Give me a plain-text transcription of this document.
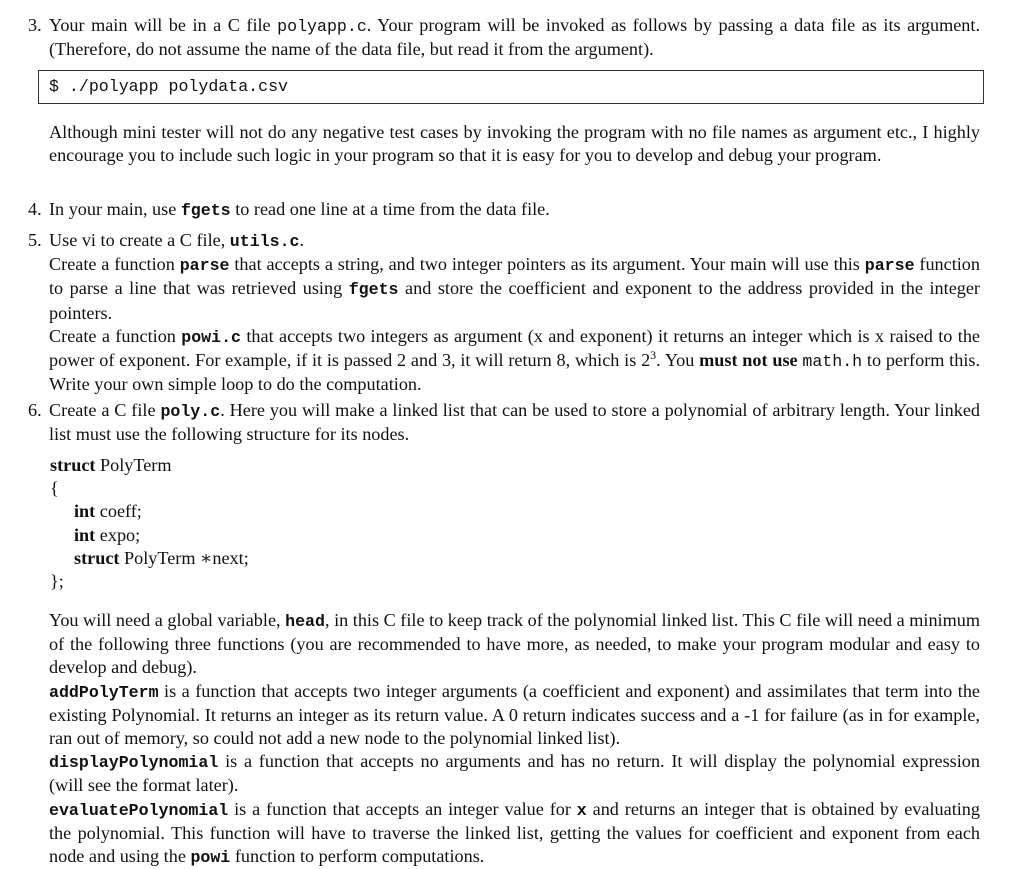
3. Your main will be in a C file polyapp.c. Your program will be invoked as follows by passing a data file as its argument. (Therefore, do not assume the name of the data file, but read it from the argument).
$ ./polyapp polydata.csv
Although mini tester will not do any negative test cases by invoking the program with no file names as argument etc., I highly encourage you to include such logic in your program so that it is easy for you to develop and debug your program.
4. In your main, use fgets to read one line at a time from the data file.
5. Use vi to create a C file, utils.c.
Create a function parse that accepts a string, and two integer pointers as its argument. Your main will use this parse function to parse a line that was retrieved using fgets and store the coefficient and exponent to the address provided in the integer pointers.
Create a function powi.c that accepts two integers as argument (x and exponent) it returns an integer which is x raised to the power of exponent. For example, if it is passed 2 and 3, it will return 8, which is $2^3$. You must not use math.h to perform this. Write your own simple loop to do the computation.
6. Create a C file poly.c. Here you will make a linked list that can be used to store a polynomial of arbitrary length. Your linked list must use the following structure for its nodes.
struct PolyTerm
{
int coeff;
int expo;
struct PolyTerm ∗next;
};
You will need a global variable, head, in this C file to keep track of the polynomial linked list. This C file will need a minimum of the following three functions (you are recommended to have more, as needed, to make your program modular and easy to develop and debug).
addPolyTerm is a function that accepts two integer arguments (a coefficient and exponent) and assimilates that term into the existing Polynomial. It returns an integer as its return value. A 0 return indicates success and a -1 for failure (as in for example, ran out of memory, so could not add a new node to the polynomial linked list).
displayPolynomial is a function that accepts no arguments and has no return. It will display the polynomial expression (will see the format later).
evaluatePolynomial is a function that accepts an integer value for x and returns an integer that is obtained by evaluating the polynomial. This function will have to traverse the linked list, getting the values for coefficient and exponent from each node and using the powi function to perform computations.
